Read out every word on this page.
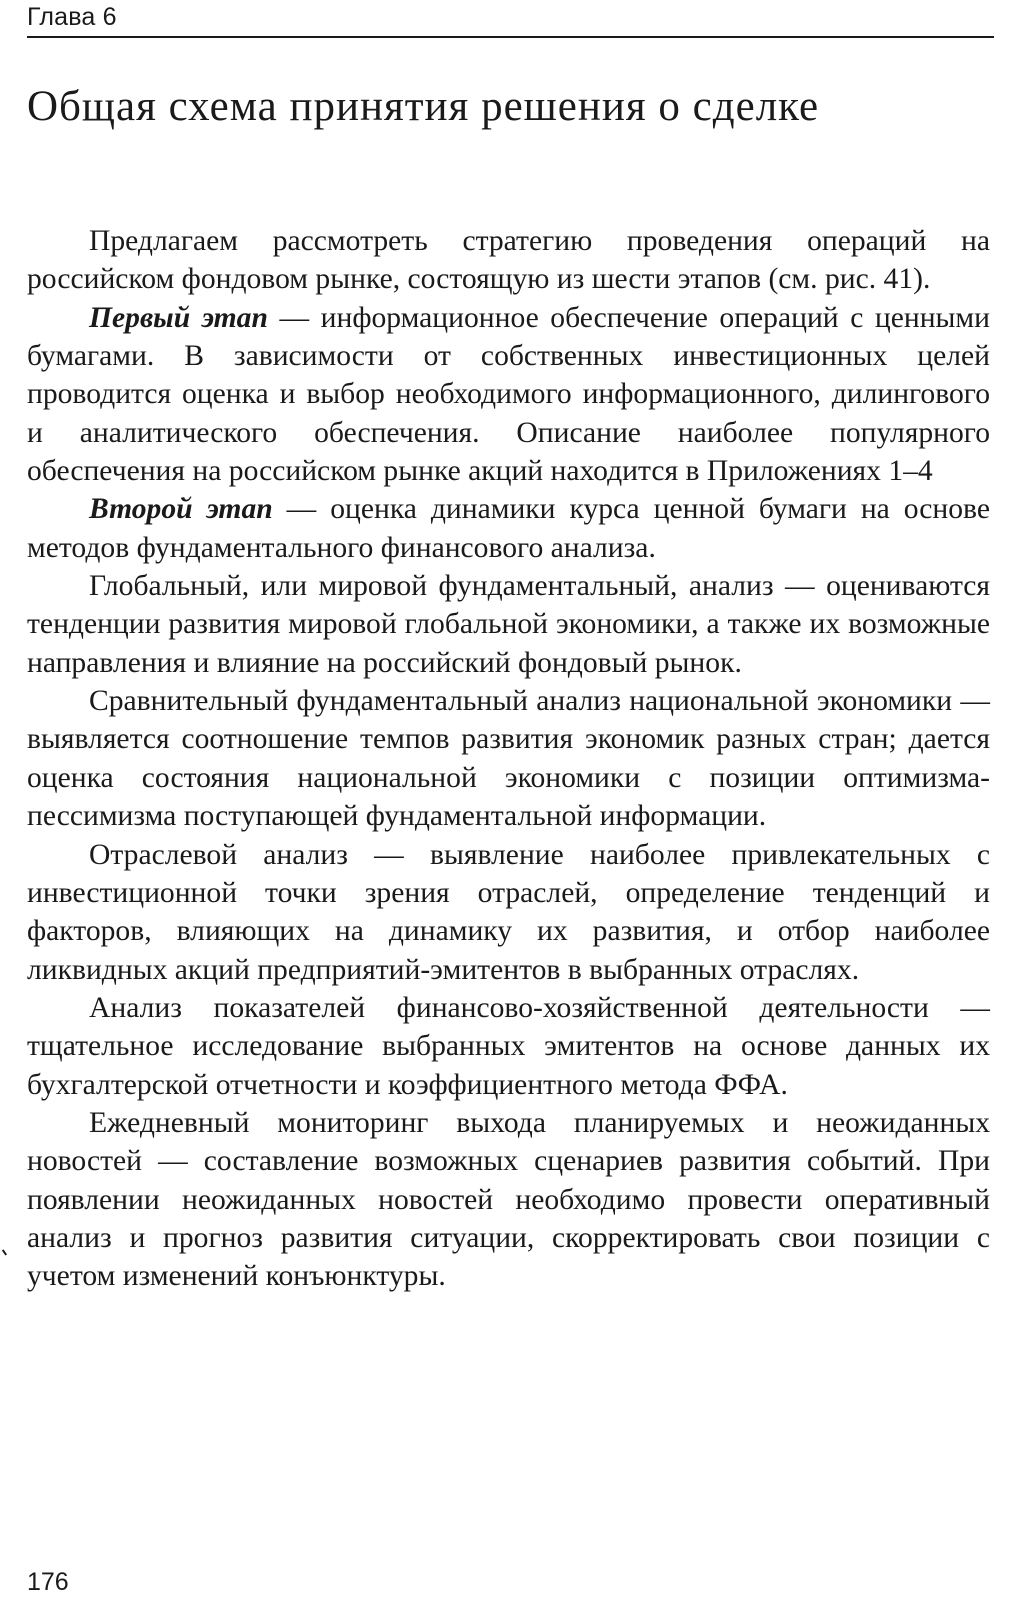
Глава 6
Общая схема принятия решения о сделке

Предлагаем рассмотреть стратегию проведения операций на российском фондовом рынке, состоящую из шести этапов (см. рис. 41).

Первый этап — информационное обеспечение операций с ценными бумагами. В зависимости от собственных инвестиционных целей проводится оценка и выбор необходимого информационного, дилингового и аналитического обеспечения. Описание наиболее популярного обеспечения на российском рынке акций находится в Приложениях 1–4

Второй этап — оценка динамики курса ценной бумаги на основе методов фундаментального финансового анализа.

Глобальный, или мировой фундаментальный, анализ — оцениваются тенденции развития мировой глобальной экономики, а также их возможные направления и влияние на российский фондовый рынок.

Сравнительный фундаментальный анализ национальной экономики — выявляется соотношение темпов развития экономик разных стран; дается оценка состояния национальной экономики с позиции оптимизма-пессимизма поступающей фундаментальной информации.

Отраслевой анализ — выявление наиболее привлекательных с инвестиционной точки зрения отраслей, определение тенденций и факторов, влияющих на динамику их развития, и отбор наиболее ликвидных акций предприятий-эмитентов в выбранных отраслях.

Анализ показателей финансово-хозяйственной деятельности — тщательное исследование выбранных эмитентов на основе данных их бухгалтерской отчетности и коэффициентного метода ФФА.

Ежедневный мониторинг выхода планируемых и неожиданных новостей — составление возможных сценариев развития событий. При появлении неожиданных новостей необходимо провести оперативный анализ и прогноз развития ситуации, скорректировать свои позиции с учетом изменений конъюнктуры.

176
